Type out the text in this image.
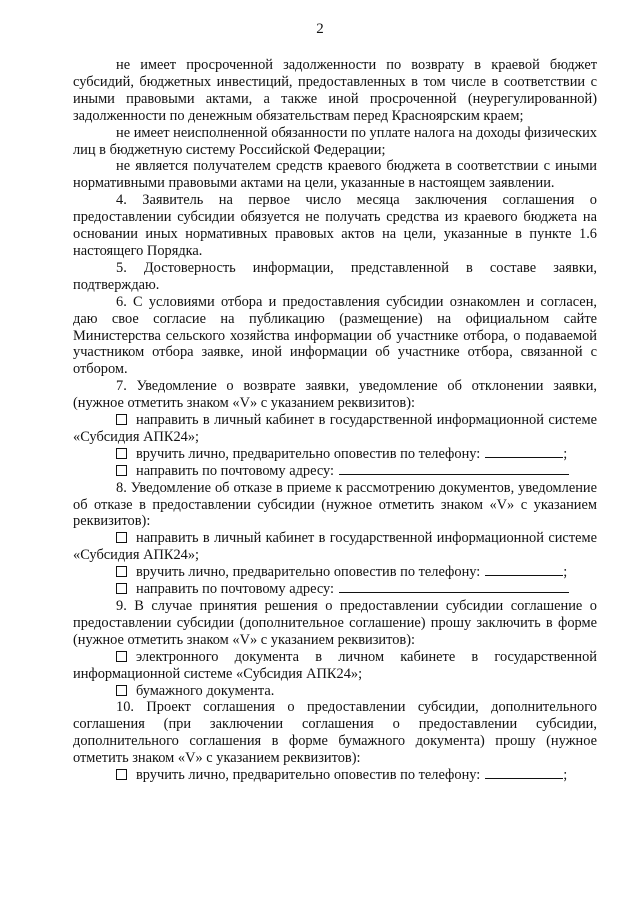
2

не имеет просроченной задолженности по возврату в краевой бюджет субсидий, бюджетных инвестиций, предоставленных в том числе в соответствии с иными правовыми актами, а также иной просроченной (неурегулированной) задолженности по денежным обязательствам перед Красноярским краем;

не имеет неисполненной обязанности по уплате налога на доходы физических лиц в бюджетную систему Российской Федерации;

не является получателем средств краевого бюджета в соответствии с иными нормативными правовыми актами на цели, указанные в настоящем заявлении.

4. Заявитель на первое число месяца заключения соглашения о предоставлении субсидии обязуется не получать средства из краевого бюджета на основании иных нормативных правовых актов на цели, указанные в пункте 1.6 настоящего Порядка.

5. Достоверность информации, представленной в составе заявки, подтверждаю.

6. С условиями отбора и предоставления субсидии ознакомлен и согласен, даю свое согласие на публикацию (размещение) на официальном сайте Министерства сельского хозяйства информации об участнике отбора, о подаваемой участником отбора заявке, иной информации об участнике отбора, связанной с отбором.

7. Уведомление о возврате заявки, уведомление об отклонении заявки, (нужное отметить знаком «V» с указанием реквизитов):

направить в личный кабинет в государственной информационной системе «Субсидия АПК24»;

вручить лично, предварительно оповестив по телефону:	;

направить по почтовому адресу:

8. Уведомление об отказе в приеме к рассмотрению документов, уведомление об отказе в предоставлении субсидии (нужное отметить знаком «V» с указанием реквизитов):

направить в личный кабинет в государственной информационной системе «Субсидия АПК24»;

вручить лично, предварительно оповестив по телефону:	;

направить по почтовому адресу:

9. В случае принятия решения о предоставлении субсидии соглашение о предоставлении субсидии (дополнительное соглашение) прошу заключить в форме (нужное отметить знаком «V» с указанием реквизитов):

электронного документа в личном кабинете в государственной информационной системе «Субсидия АПК24»;

бумажного документа.

10. Проект соглашения о предоставлении субсидии, дополнительного соглашения (при заключении соглашения о предоставлении субсидии, дополнительного соглашения в форме бумажного документа) прошу (нужное отметить знаком «V» с указанием реквизитов):

вручить лично, предварительно оповестив по телефону:	;
